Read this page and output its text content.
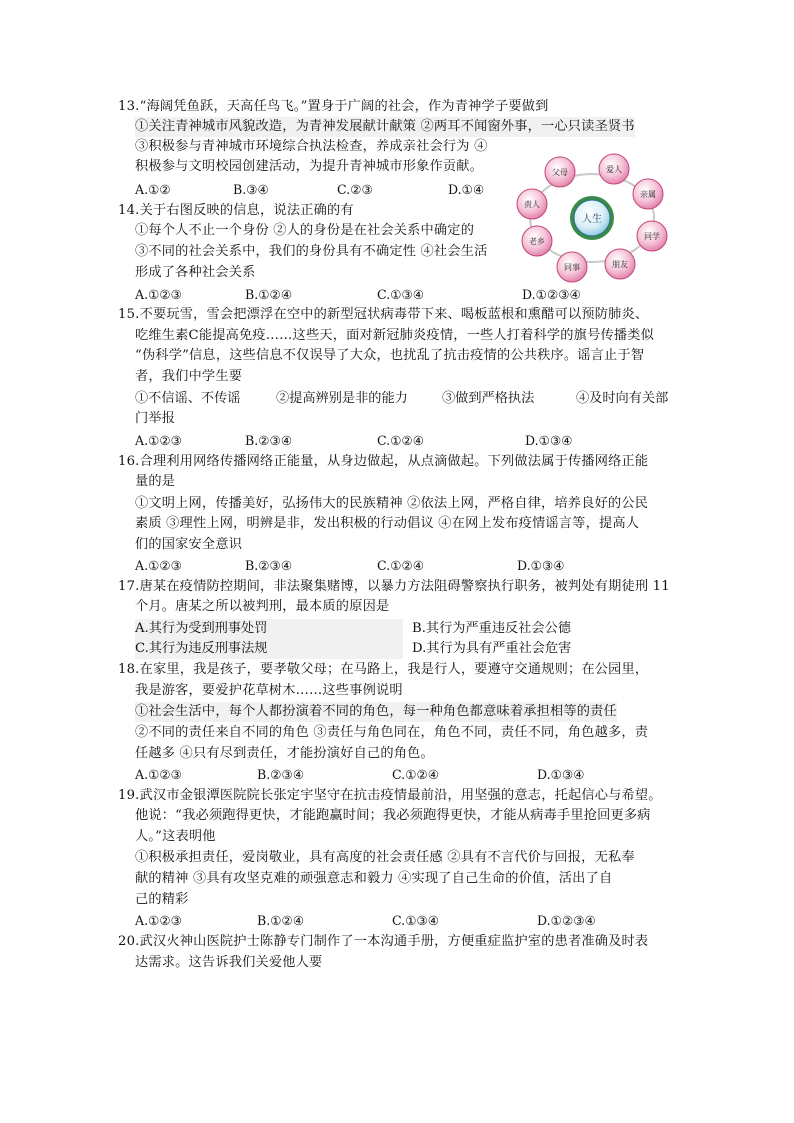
13.“海阔凭鱼跃，天高任鸟飞。”置身于广阔的社会，作为青神学子要做到
①关注青神城市风貌改造，为青神发展献计献策 ②两耳不闻窗外事，一心只读圣贤书
③积极参与青神城市环境综合执法检查，养成亲社会行为 ④
积极参与文明校园创建活动，为提升青神城市形象作贡献。
A.①②	B.③④	C.②③	D.①④
14.关于右图反映的信息，说法正确的有
①每个人不止一个身份 ②人的身份是在社会关系中确定的
③不同的社会关系中，我们的身份具有不确定性 ④社会生活
形成了各种社会关系
A.①②③	B.①②④	C.①③④	D.①②③④
人生
父母	爱人
亲属
同学
朋友
同事
老乡
责人
15.不要玩雪，雪会把漂浮在空中的新型冠状病毒带下来、喝板蓝根和熏醋可以预防肺炎、
吃维生素C能提高免疫……这些天，面对新冠肺炎疫情，一些人打着科学的旗号传播类似
“伪科学”信息，这些信息不仅误导了大众，也扰乱了抗击疫情的公共秩序。谣言止于智
者，我们中学生要
①不信谣、不传谣	②提高辨别是非的能力	③做到严格执法	④及时向有关部
门举报
A.①②③	B.②③④	C.①②④	D.①③④
16.合理利用网络传播网络正能量，从身边做起，从点滴做起。下列做法属于传播网络正能
量的是
①文明上网，传播美好，弘扬伟大的民族精神 ②依法上网，严格自律，培养良好的公民
素质 ③理性上网，明辨是非，发出积极的行动倡议 ④在网上发布疫情谣言等，提高人
们的国家安全意识
A.①②③	B.②③④	C.①②④	D.①③④
17.唐某在疫情防控期间，非法聚集赌博，以暴力方法阻碍警察执行职务，被判处有期徒刑 11
个月。唐某之所以被判刑，最本质的原因是
A.其行为受到刑事处罚	B.其行为严重违反社会公德
C.其行为违反刑事法规	D.其行为具有严重社会危害
18.在家里，我是孩子，要孝敬父母；在马路上，我是行人，要遵守交通规则；在公园里，
我是游客，要爱护花草树木……这些事例说明
①社会生活中，每个人都扮演着不同的角色，每一种角色都意味着承担相等的责任
②不同的责任来自不同的角色 ③责任与角色同在，角色不同，责任不同，角色越多，责
任越多 ④只有尽到责任，才能扮演好自己的角色。
A.①②③	B.②③④	C.①②④	D.①③④
19.武汉市金银潭医院院长张定宇坚守在抗击疫情最前沿，用坚强的意志，托起信心与希望。
他说：“我必须跑得更快，才能跑赢时间；我必须跑得更快，才能从病毒手里抢回更多病
人。”这表明他
①积极承担责任，爱岗敬业，具有高度的社会责任感 ②具有不言代价与回报，无私奉
献的精神 ③具有攻坚克难的顽强意志和毅力 ④实现了自己生命的价值，活出了自
己的精彩
A.①②③	B.①②④	C.①③④	D.①②③④
20.武汉火神山医院护士陈静专门制作了一本沟通手册，方便重症监护室的患者准确及时表
达需求。这告诉我们关爱他人要
